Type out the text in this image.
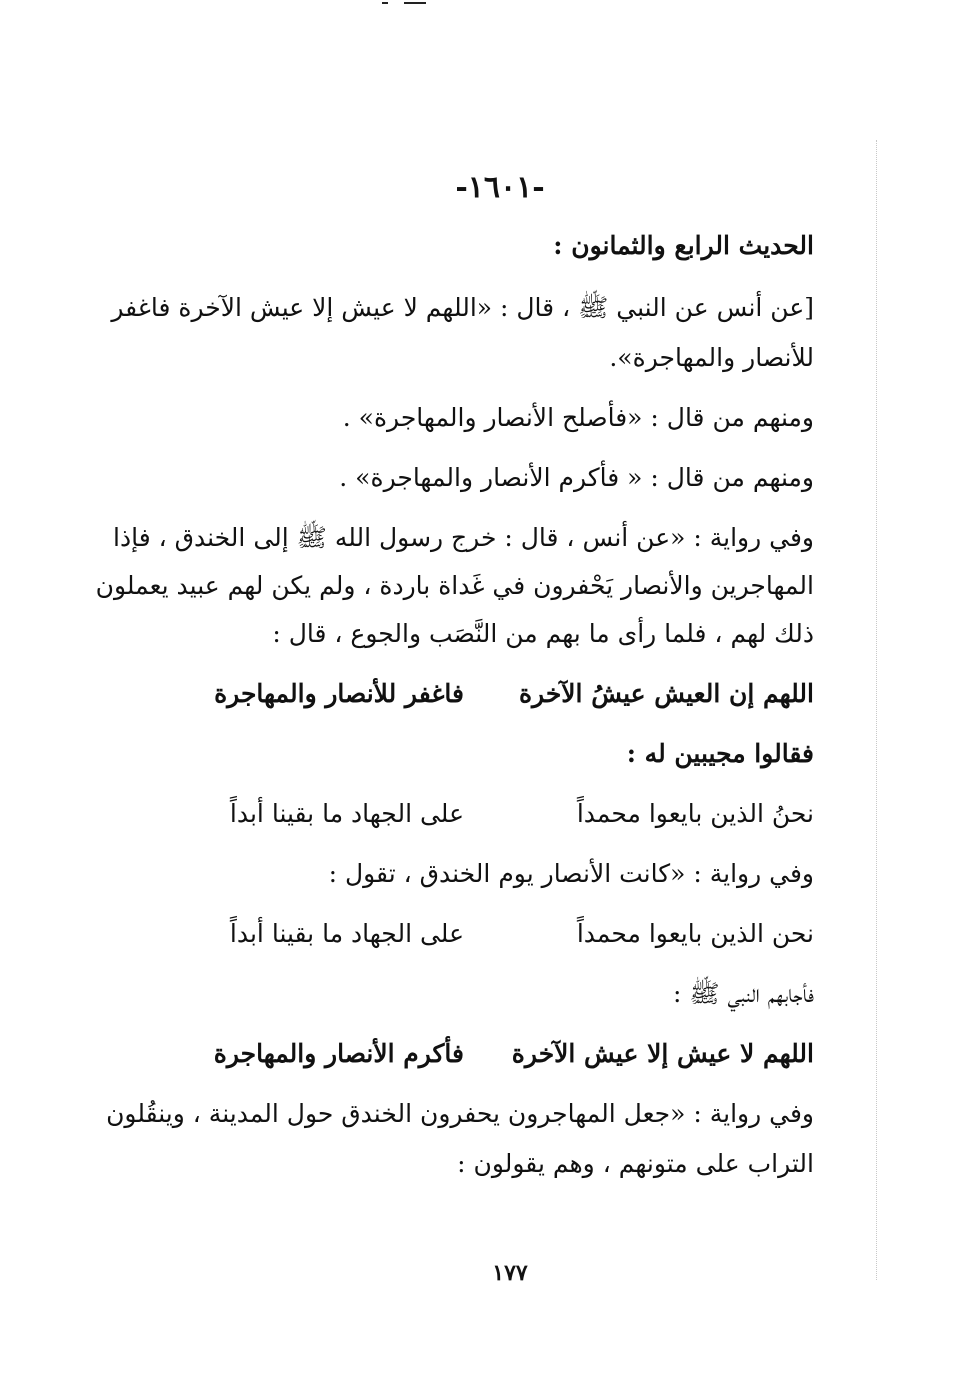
-١٦٠١-
الحديث الرابع والثمانون :
[عن أنس عن النبي ﷺ ، قال : «اللهم لا عيش إلا عيش الآخرة فاغفر
للأنصار والمهاجرة».
ومنهم من قال : «فأصلح الأنصار والمهاجرة» .
ومنهم من قال : « فأكرم الأنصار والمهاجرة» .
وفي رواية : «عن أنس ، قال : خرج رسول الله ﷺ إلى الخندق ، فإذا
المهاجرين والأنصار يَحْفرون في غَداة باردة ، ولم يكن لهم عبيد يعملون
ذلك لهم ، فلما رأى ما بهم من النَّصَب والجوع ، قال :
اللهم إن العيش عيشُ الآخرة
فاغفر للأنصار والمهاجرة
فقالوا مجيبين له :
نحنُ الذين بايعوا محمداً
على الجهاد ما بقينا أبداً
وفي رواية : «كانت الأنصار يوم الخندق ، تقول :
نحن الذين بايعوا محمداً
على الجهاد ما بقينا أبداً
فأجابهم النبي ﷺ :
اللهم لا عيش إلا عيش الآخرة
فأكرم الأنصار والمهاجرة
وفي رواية : «جعل المهاجرون يحفرون الخندق حول المدينة ، وينقُلون
التراب على متونهم ، وهم يقولون :
١٧٧
